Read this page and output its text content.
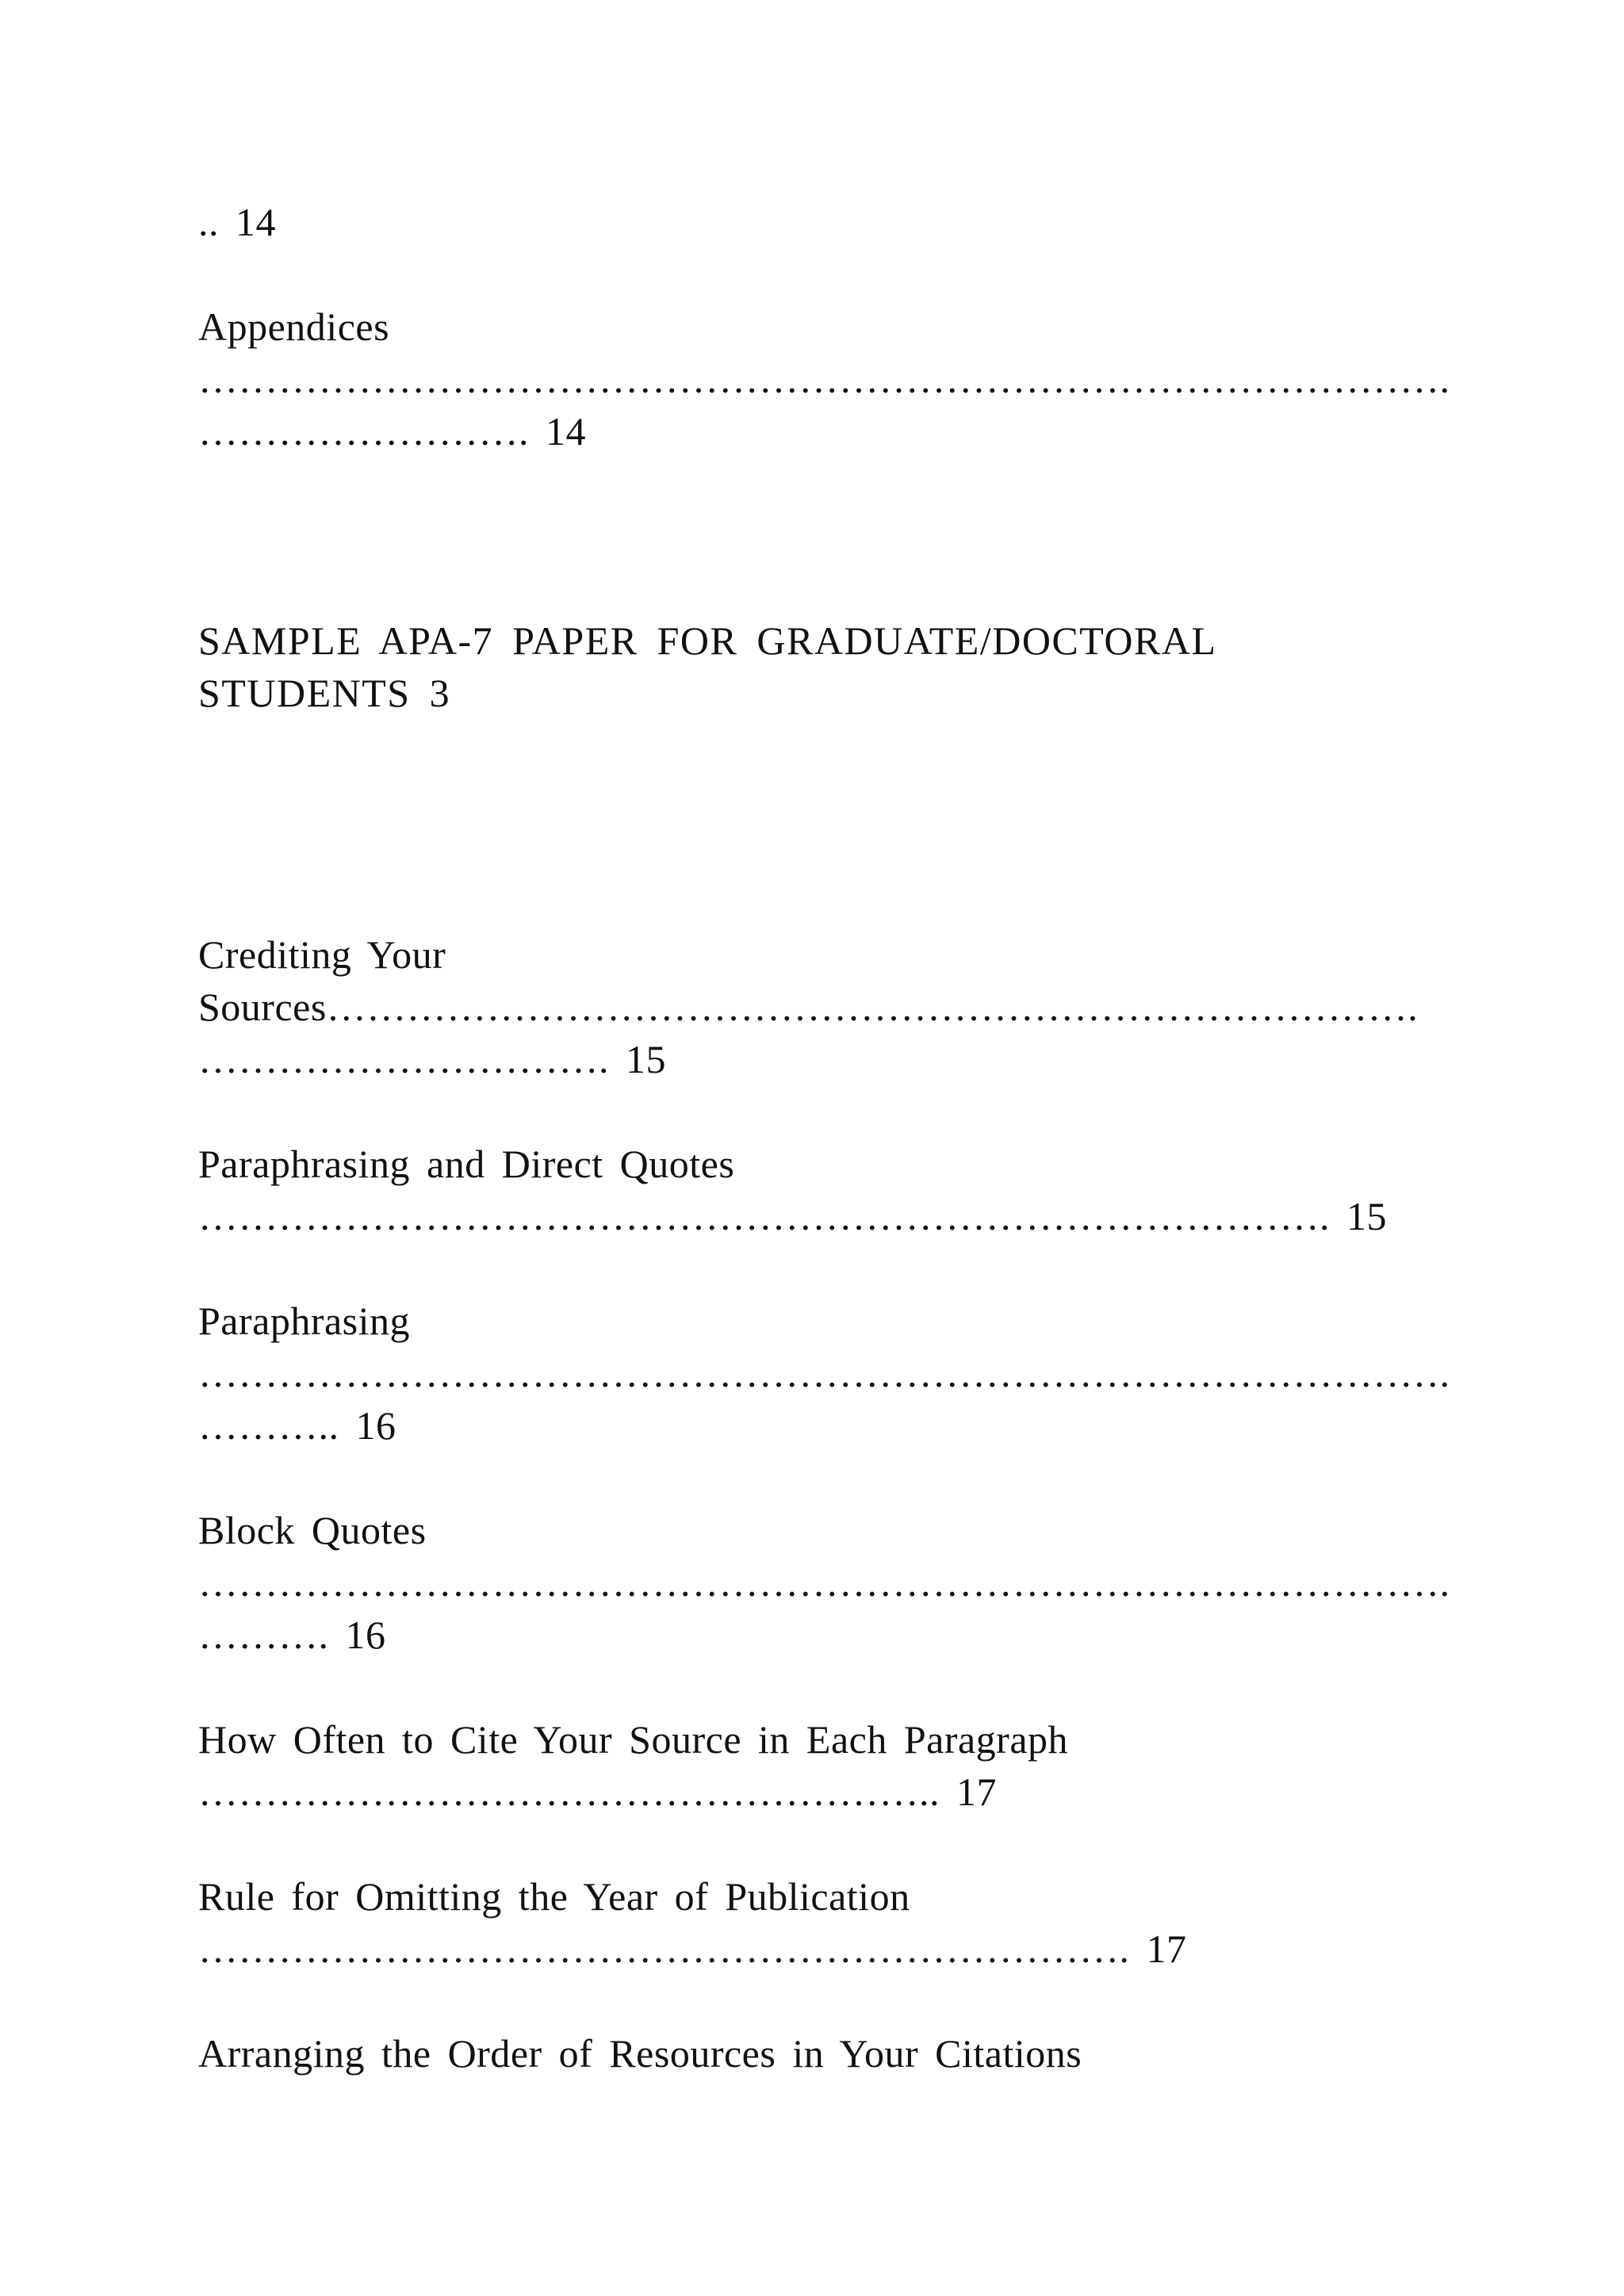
.. 14
Appendices
………………………………………………………………………………….
……………………. 14
SAMPLE APA-7 PAPER FOR GRADUATE/DOCTORAL
STUDENTS 3
Crediting Your
Sources……………………………………………………………………….
…………………………. 15
Paraphrasing and Direct Quotes
…………………………………………………………………………. 15
Paraphrasing
………………………………………………………………………………….
……….. 16
Block Quotes
………………………………………………………………………………….
………. 16
How Often to Cite Your Source in Each Paragraph
……………………………………………….. 17
Rule for Omitting the Year of Publication
……………………………………………………………. 17
Arranging the Order of Resources in Your Citations
